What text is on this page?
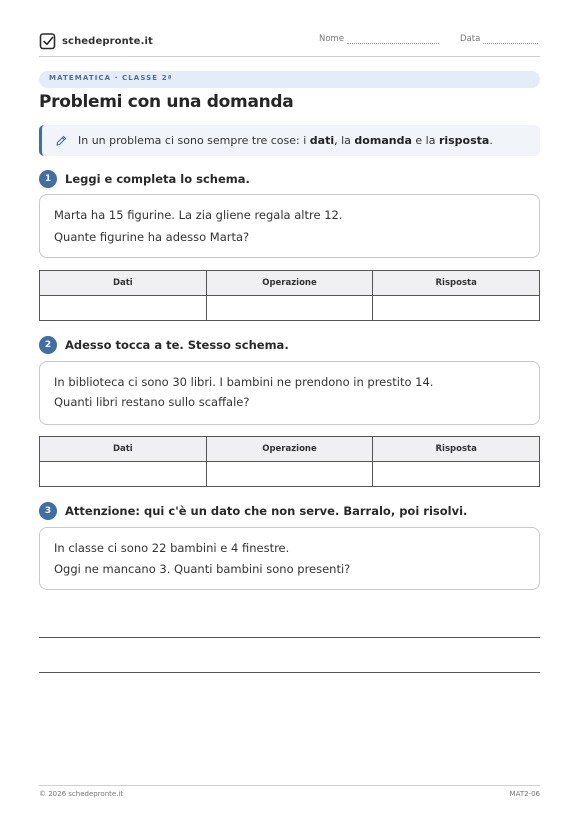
schedepronte.it	Nome	Data
MATEMATICA · CLASSE 2ª
Problemi con una domanda
In un problema ci sono sempre tre cose: i dati, la domanda e la risposta.
1	Leggi e completa lo schema.
Marta ha 15 figurine. La zia gliene regala altre 12.
Quante figurine ha adesso Marta?
Dati	Operazione	Risposta

2	Adesso tocca a te. Stesso schema.
In biblioteca ci sono 30 libri. I bambini ne prendono in prestito 14.
Quanti libri restano sullo scaffale?
Dati	Operazione	Risposta

3	Attenzione: qui c'è un dato che non serve. Barralo, poi risolvi.
In classe ci sono 22 bambini e 4 finestre.
Oggi ne mancano 3. Quanti bambini sono presenti?
© 2026 schedepronte.it	MAT2-06
